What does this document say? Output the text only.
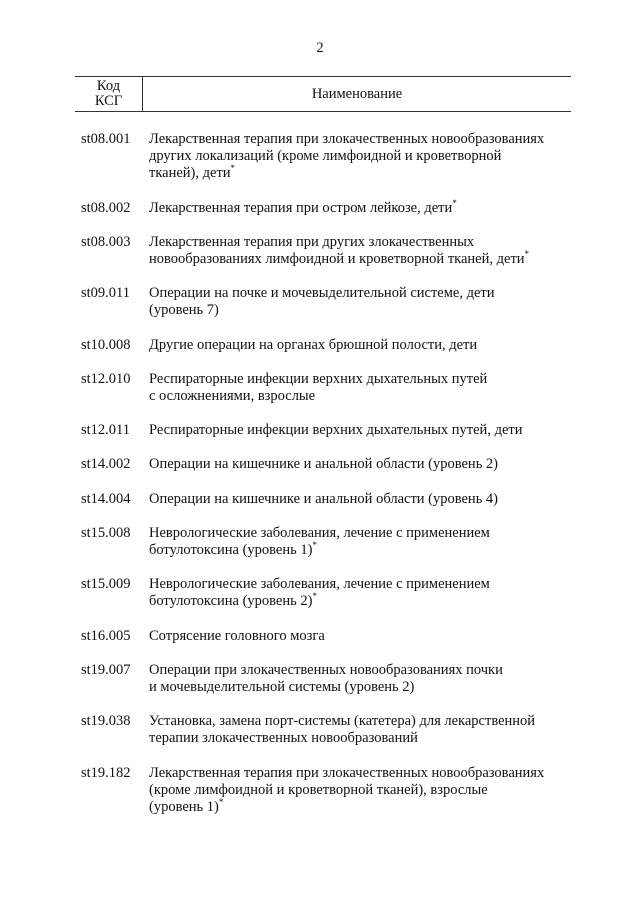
2
Код
КСГ	Наименование
st08.001	Лекарственная терапия при злокачественных новообразованиях
других локализаций (кроме лимфоидной и кроветворной
тканей), дети*
st08.002	Лекарственная терапия при остром лейкозе, дети*
st08.003	Лекарственная терапия при других злокачественных
новообразованиях лимфоидной и кроветворной тканей, дети*
st09.011	Операции на почке и мочевыделительной системе, дети
(уровень 7)
st10.008	Другие операции на органах брюшной полости, дети
st12.010	Респираторные инфекции верхних дыхательных путей
с осложнениями, взрослые
st12.011	Респираторные инфекции верхних дыхательных путей, дети
st14.002	Операции на кишечнике и анальной области (уровень 2)
st14.004	Операции на кишечнике и анальной области (уровень 4)
st15.008	Неврологические заболевания, лечение с применением
ботулотоксина (уровень 1)*
st15.009	Неврологические заболевания, лечение с применением
ботулотоксина (уровень 2)*
st16.005	Сотрясение головного мозга
st19.007	Операции при злокачественных новообразованиях почки
и мочевыделительной системы (уровень 2)
st19.038	Установка, замена порт-системы (катетера) для лекарственной
терапии злокачественных новообразований
st19.182	Лекарственная терапия при злокачественных новообразованиях
(кроме лимфоидной и кроветворной тканей), взрослые
(уровень 1)*
